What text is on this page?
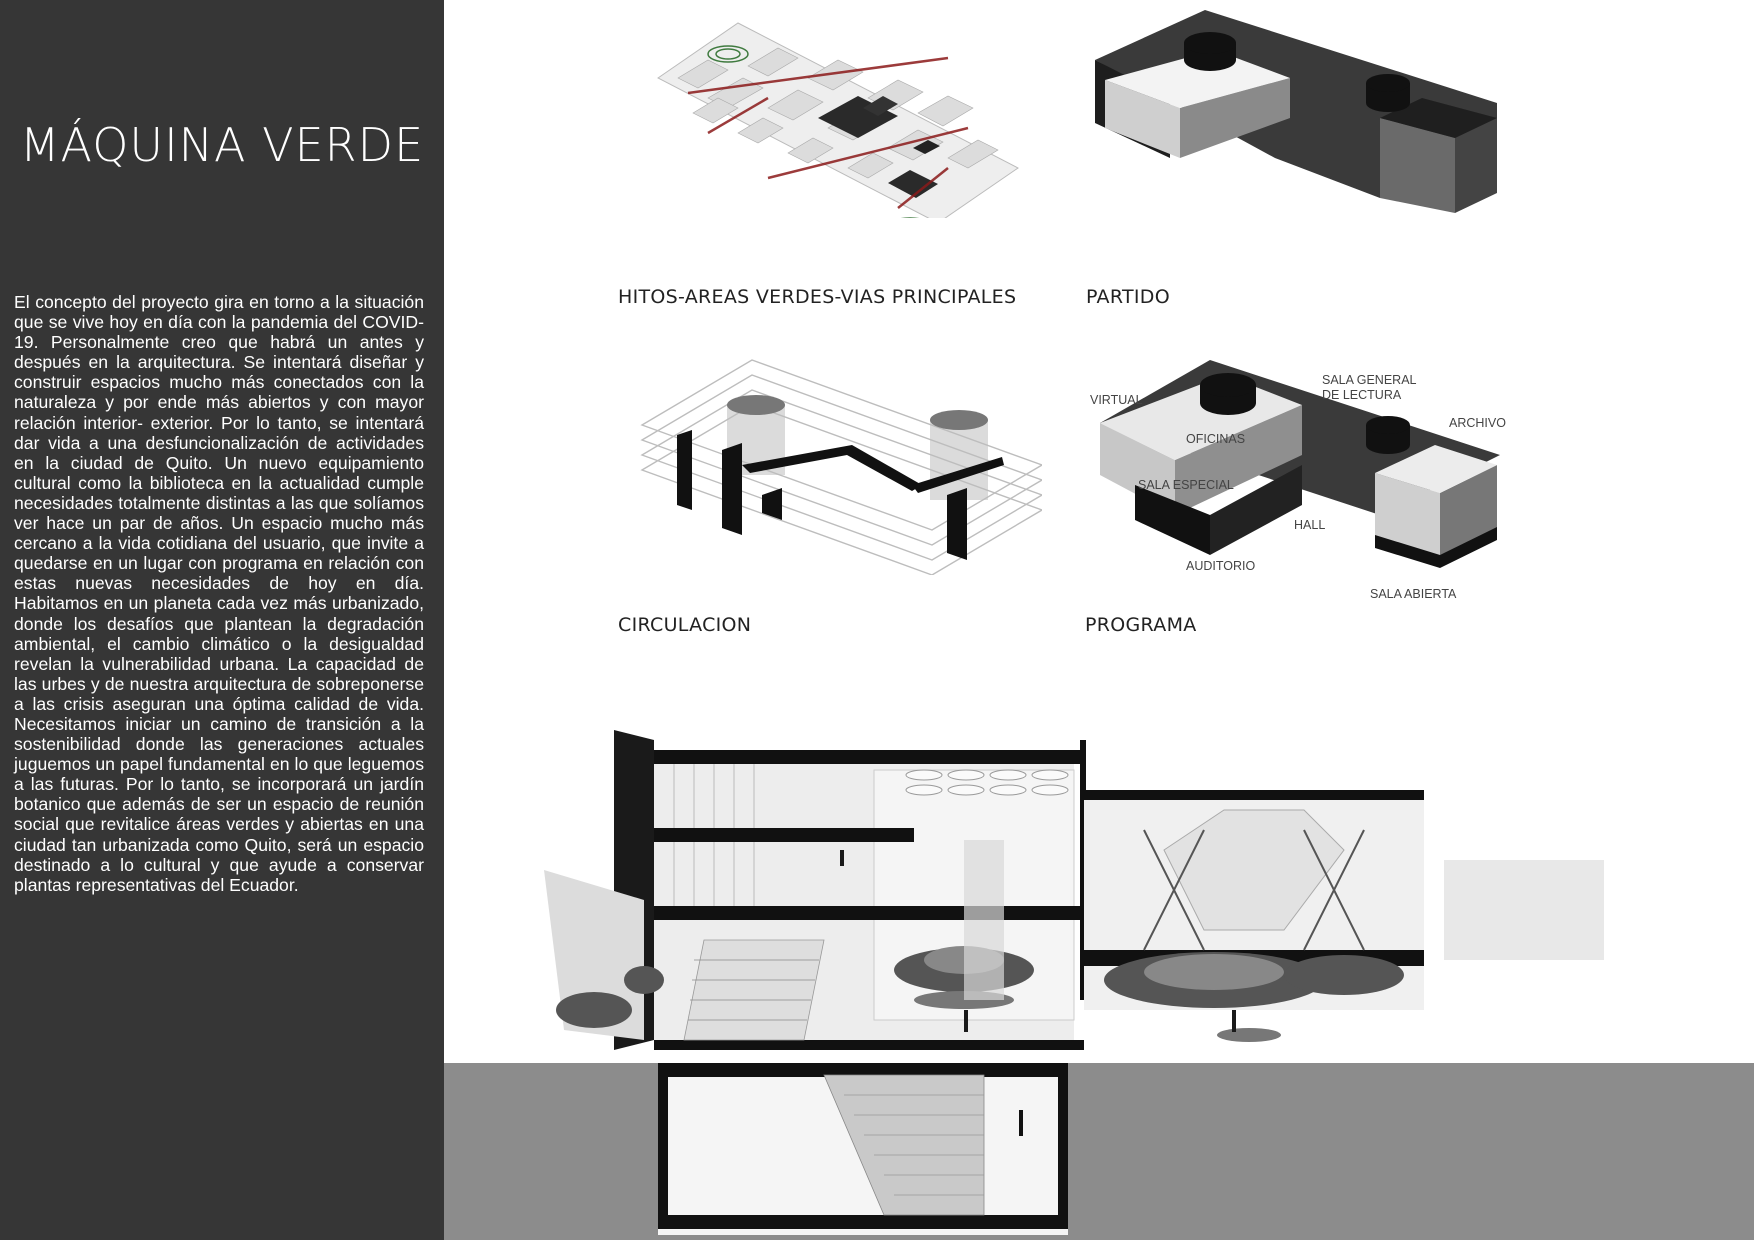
MÁQUINA VERDE
El concepto del proyecto gira en torno a la situación que se vive hoy en día con la pandemia del COVID-19. Personalmente creo que habrá un antes y después en la arquitectura. Se intentará diseñar y construir espacios mucho más conectados con la naturaleza y por ende más abiertos y con mayor relación interior- exterior. Por lo tanto, se intentará dar vida a una desfuncionalización de actividades en la ciudad de Quito. Un nuevo equipamiento cultural como la biblioteca en la actualidad cumple necesidades totalmente distintas a las que solíamos ver hace un par de años. Un espacio mucho más cercano a la vida cotidiana del usuario, que invite a quedarse en un lugar con programa en relación con estas nuevas necesidades de hoy en día. Habitamos en un planeta cada vez más urbanizado, donde los desafíos que plantean la degradación ambiental, el cambio climático o la desigualdad revelan la vulnerabilidad urbana. La capacidad de las urbes y de nuestra arquitectura de sobreponerse a las crisis aseguran una óptima calidad de vida. Necesitamos iniciar un camino de transición a la sostenibilidad donde las generaciones actuales juguemos un papel fundamental en lo que leguemos a las futuras. Por lo tanto, se incorporará un jardín botanico que además de ser un espacio de reunión social que revitalice áreas verdes y abiertas en una ciudad tan urbanizada como Quito, será un espacio destinado a lo cultural y que ayude a conservar plantas representativas del Ecuador.
HITOS-AREAS VERDES-VIAS PRINCIPALES	PARTIDO
CIRCULACION
VIRTUAL
SALA GENERAL
DE LECTURA
ARCHIVO
OFICINAS
SALA ESPECIAL
HALL
AUDITORIO
SALA ABIERTA
PROGRAMA
